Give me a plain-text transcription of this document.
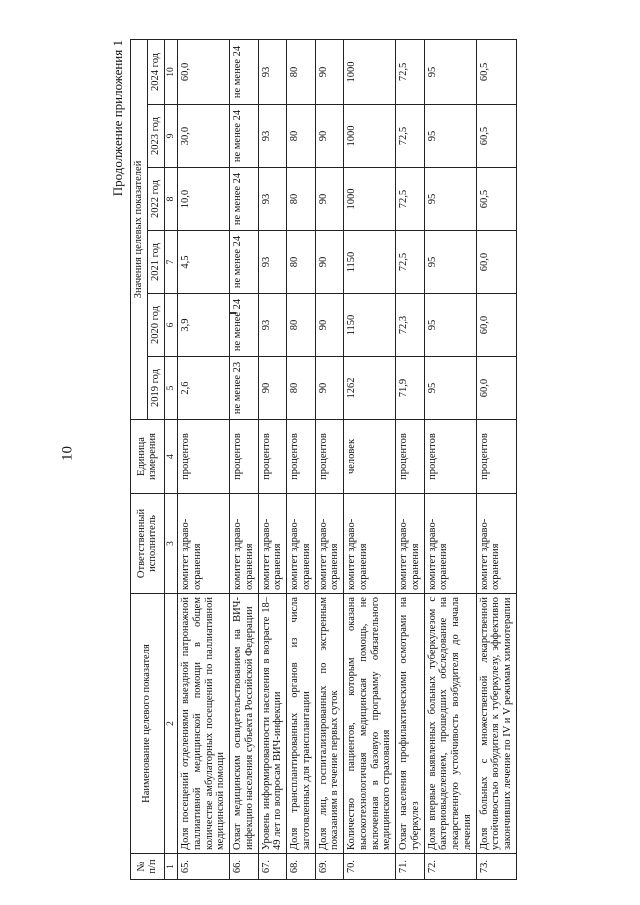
10
Продолжение приложения 1
№ п/п	Наименование целевого показателя	Ответственный исполнитель	Единица измерения	Значения целевых показателей					
				2019 год	2020 год	2021 год	2022 год	2023 год	2024 год
1	2	3	4	5	6	7	8	9	10
65.	Доля посещений отделениями выездной патронажной паллиативной медицинской помощи в общем количестве амбулаторных посещений по паллиативной медицинской помощи	комитет здравоохранения	процентов	2,6	3,9	4,5	10,0	30,0	60,0
66.	Охват медицинским освидетельствованием на ВИЧ-инфекцию населения субъекта Российской Федерации	комитет здравоохранения	процентов	не менее 23	не менее 24	не менее 24	не менее 24	не менее 24	не менее 24
67.	Уровень информированности населения в возрасте 18–49 лет по вопросам ВИЧ-инфекции	комитет здравоохранения	процентов	90	93	93	93	93	93
68.	Доля трансплантированных органов из числа заготовленных для трансплантации	комитет здравоохранения	процентов	80	80	80	80	80	80
69.	Доля лиц, госпитализированных по экстренным показаниям в течение первых суток	комитет здравоохранения	процентов	90	90	90	90	90	90
70.	Количество пациентов, которым оказана высокотехнологичная медицинская помощь, не включенная в базовую программу обязательного медицинского страхования	комитет здравоохранения	человек	1262	1150	1150	1000	1000	1000
71.	Охват населения профилактическими осмотрами на туберкулез	комитет здравоохранения	процентов	71,9	72,3	72,5	72,5	72,5	72,5
72.	Доля впервые выявленных больных туберкулезом с бактериовыделением, прошедших обследование на лекарственную устойчивость возбудителя до начала лечения	комитет здравоохранения	процентов	95	95	95	95	95	95
73.	Доля больных с множественной лекарственной устойчивостью возбудителя к туберкулезу, эффективно закончивших лечение по IV и V режимам химиотерапии	комитет здравоохранения	процентов	60,0	60,0	60,0	60,5	60,5	60,5
